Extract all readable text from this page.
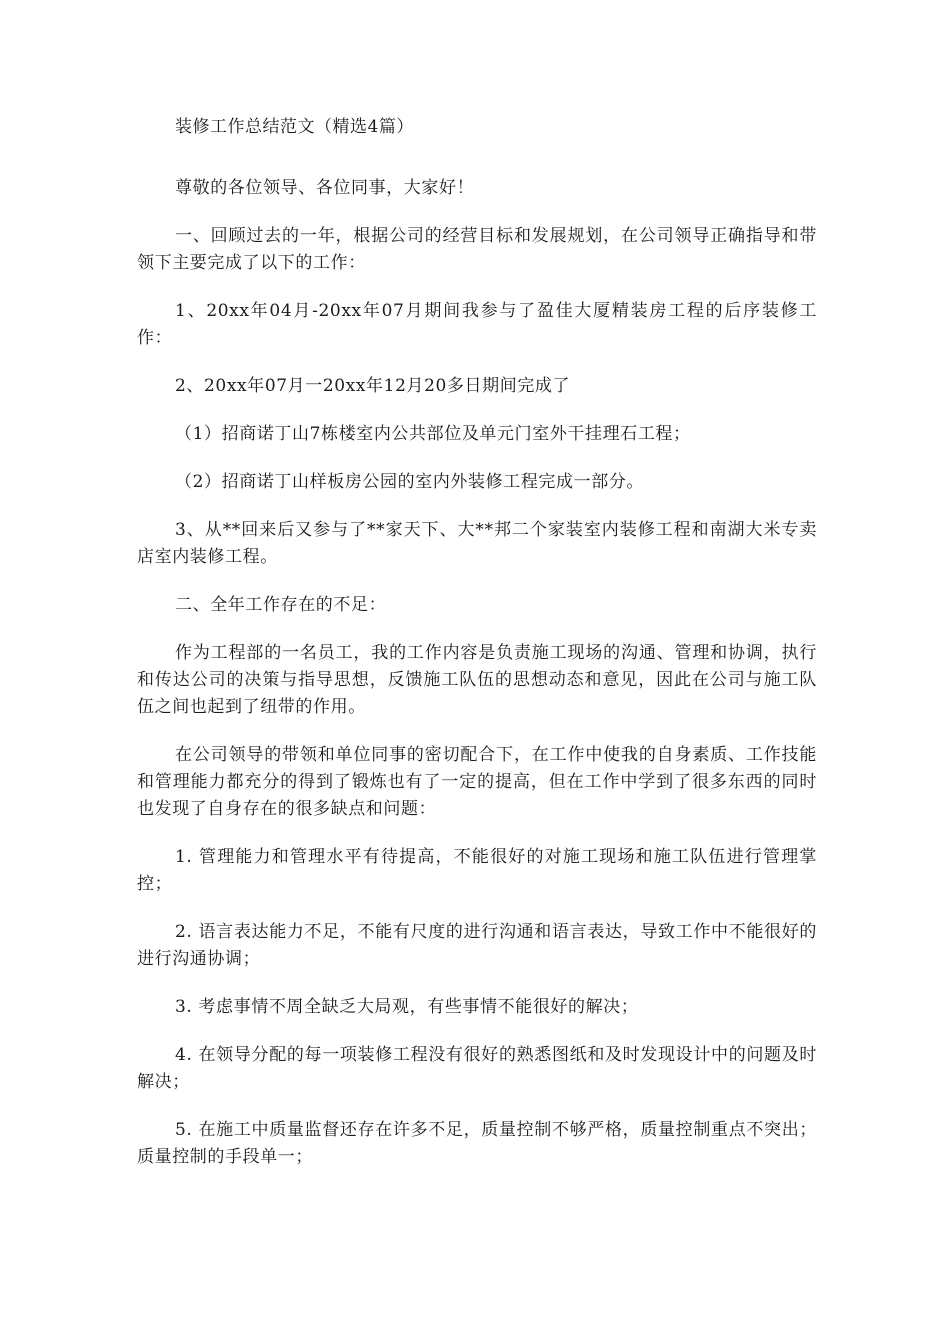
装修工作总结范文（精选4篇）

尊敬的各位领导、各位同事，大家好！

一、回顾过去的一年，根据公司的经营目标和发展规划，在公司领导正确指导和带领下主要完成了以下的工作：

1、20xx年04月-20xx年07月期间我参与了盈佳大厦精装房工程的后序装修工作：

2、20xx年07月一20xx年12月20多日期间完成了

（1）招商诺丁山7栋楼室内公共部位及单元门室外干挂理石工程；

（2）招商诺丁山样板房公园的室内外装修工程完成一部分。

3、从**回来后又参与了**家天下、大**邦二个家装室内装修工程和南湖大米专卖店室内装修工程。

二、全年工作存在的不足：

作为工程部的一名员工，我的工作内容是负责施工现场的沟通、管理和协调，执行和传达公司的决策与指导思想，反馈施工队伍的思想动态和意见，因此在公司与施工队伍之间也起到了纽带的作用。

在公司领导的带领和单位同事的密切配合下，在工作中使我的自身素质、工作技能和管理能力都充分的得到了锻炼也有了一定的提高，但在工作中学到了很多东西的同时也发现了自身存在的很多缺点和问题：

1. 管理能力和管理水平有待提高，不能很好的对施工现场和施工队伍进行管理掌控；

2. 语言表达能力不足，不能有尺度的进行沟通和语言表达，导致工作中不能很好的进行沟通协调；

3. 考虑事情不周全缺乏大局观，有些事情不能很好的解决；

4. 在领导分配的每一项装修工程没有很好的熟悉图纸和及时发现设计中的问题及时解决；

5. 在施工中质量监督还存在许多不足，质量控制不够严格，质量控制重点不突出；质量控制的手段单一；
